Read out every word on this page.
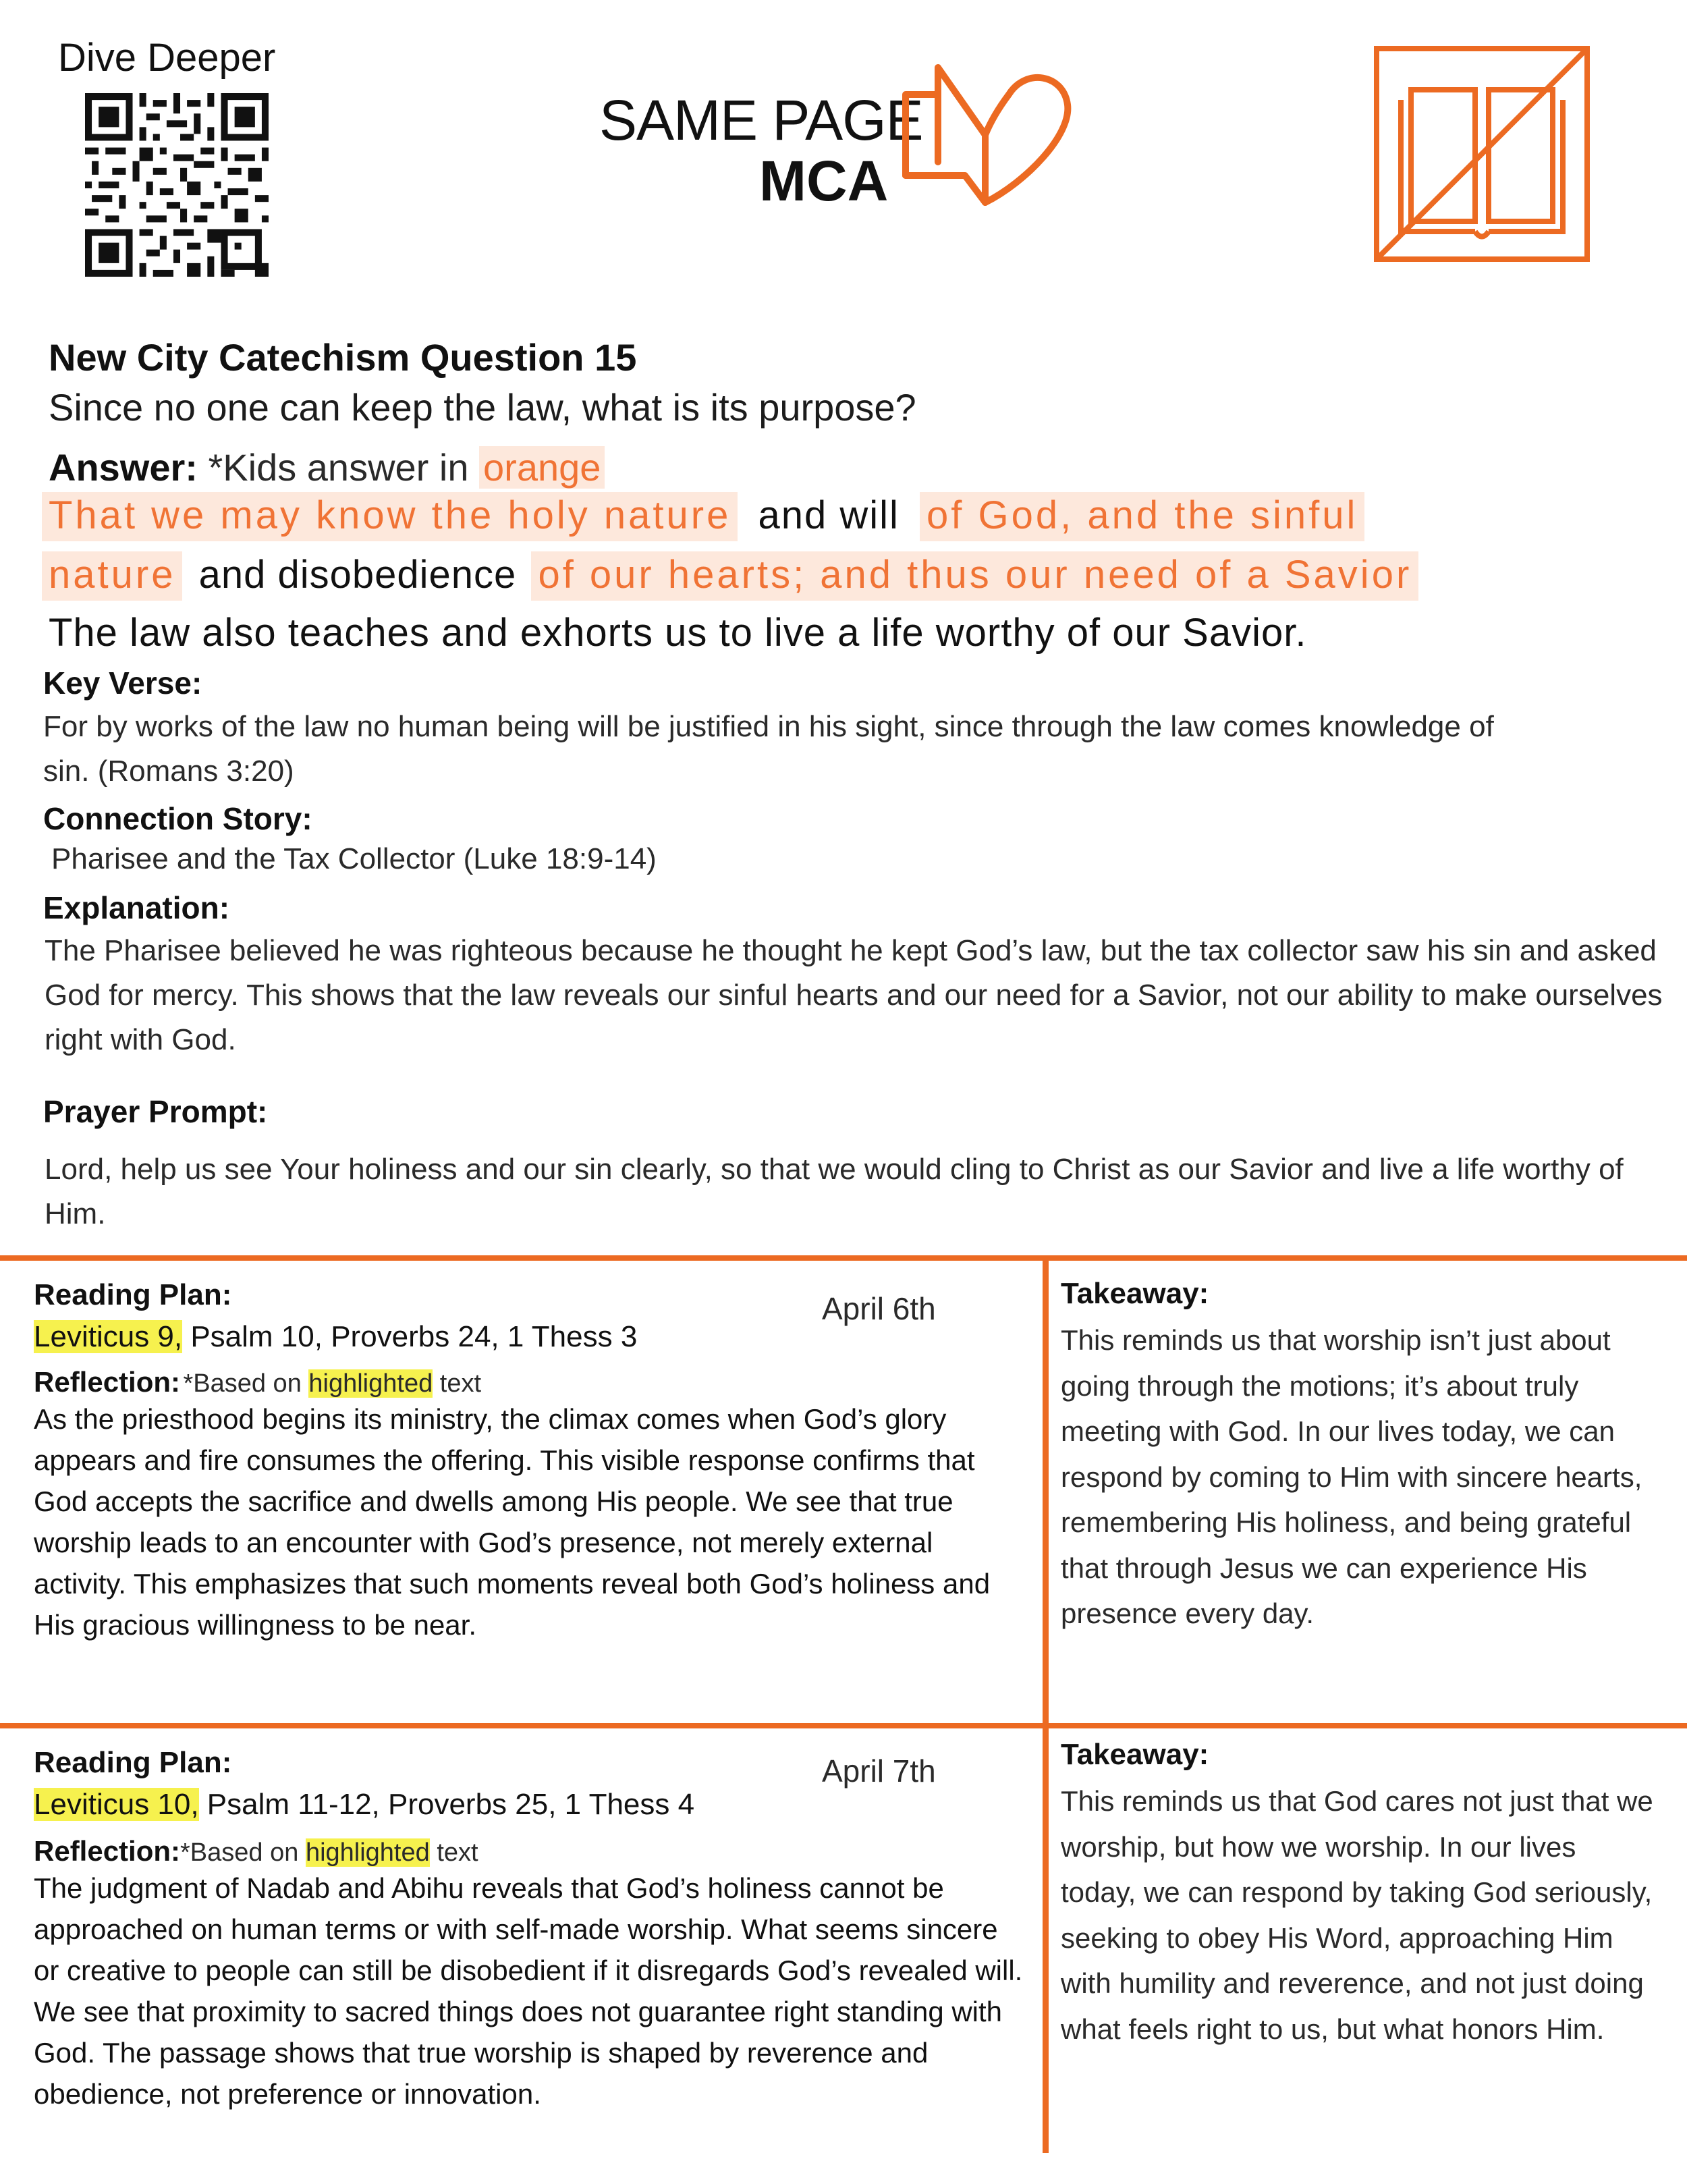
Dive Deeper
SAME PAGE
MCA
New City Catechism Question 15
Since no one can keep the law, what is its purpose?
Answer: *Kids answer in orange
That we may know the holy nature and will of God, and the sinful
nature and disobedience of our hearts; and thus our need of a Savior
The law also teaches and exhorts us to live a life worthy of our Savior.
Key Verse:
For by works of the law no human being will be justified in his sight, since through the law comes knowledge of sin. (Romans 3:20)
Connection Story:
Pharisee and the Tax Collector (Luke 18:9-14)
Explanation:
The Pharisee believed he was righteous because he thought he kept God’s law, but the tax collector saw his sin and asked God for mercy. This shows that the law reveals our sinful hearts and our need for a Savior, not our ability to make ourselves right with God.
Prayer Prompt:
Lord, help us see Your holiness and our sin clearly, so that we would cling to Christ as our Savior and live a life worthy of Him.
Reading Plan:	April 6th
Leviticus 9, Psalm 10, Proverbs 24, 1 Thess 3
Reflection: *Based on highlighted text
As the priesthood begins its ministry, the climax comes when God’s glory appears and fire consumes the offering. This visible response confirms that God accepts the sacrifice and dwells among His people. We see that true worship leads to an encounter with God’s presence, not merely external activity. This emphasizes that such moments reveal both God’s holiness and His gracious willingness to be near.
Takeaway:
This reminds us that worship isn’t just about going through the motions; it’s about truly meeting with God. In our lives today, we can respond by coming to Him with sincere hearts, remembering His holiness, and being grateful that through Jesus we can experience His presence every day.
Reading Plan:	April 7th
Leviticus 10, Psalm 11-12, Proverbs 25, 1 Thess 4
Reflection:*Based on highlighted text
The judgment of Nadab and Abihu reveals that God’s holiness cannot be approached on human terms or with self-made worship. What seems sincere or creative to people can still be disobedient if it disregards God’s revealed will. We see that proximity to sacred things does not guarantee right standing with God. The passage shows that true worship is shaped by reverence and obedience, not preference or innovation.
Takeaway:
This reminds us that God cares not just that we worship, but how we worship. In our lives today, we can respond by taking God seriously, seeking to obey His Word, approaching Him with humility and reverence, and not just doing what feels right to us, but what honors Him.
